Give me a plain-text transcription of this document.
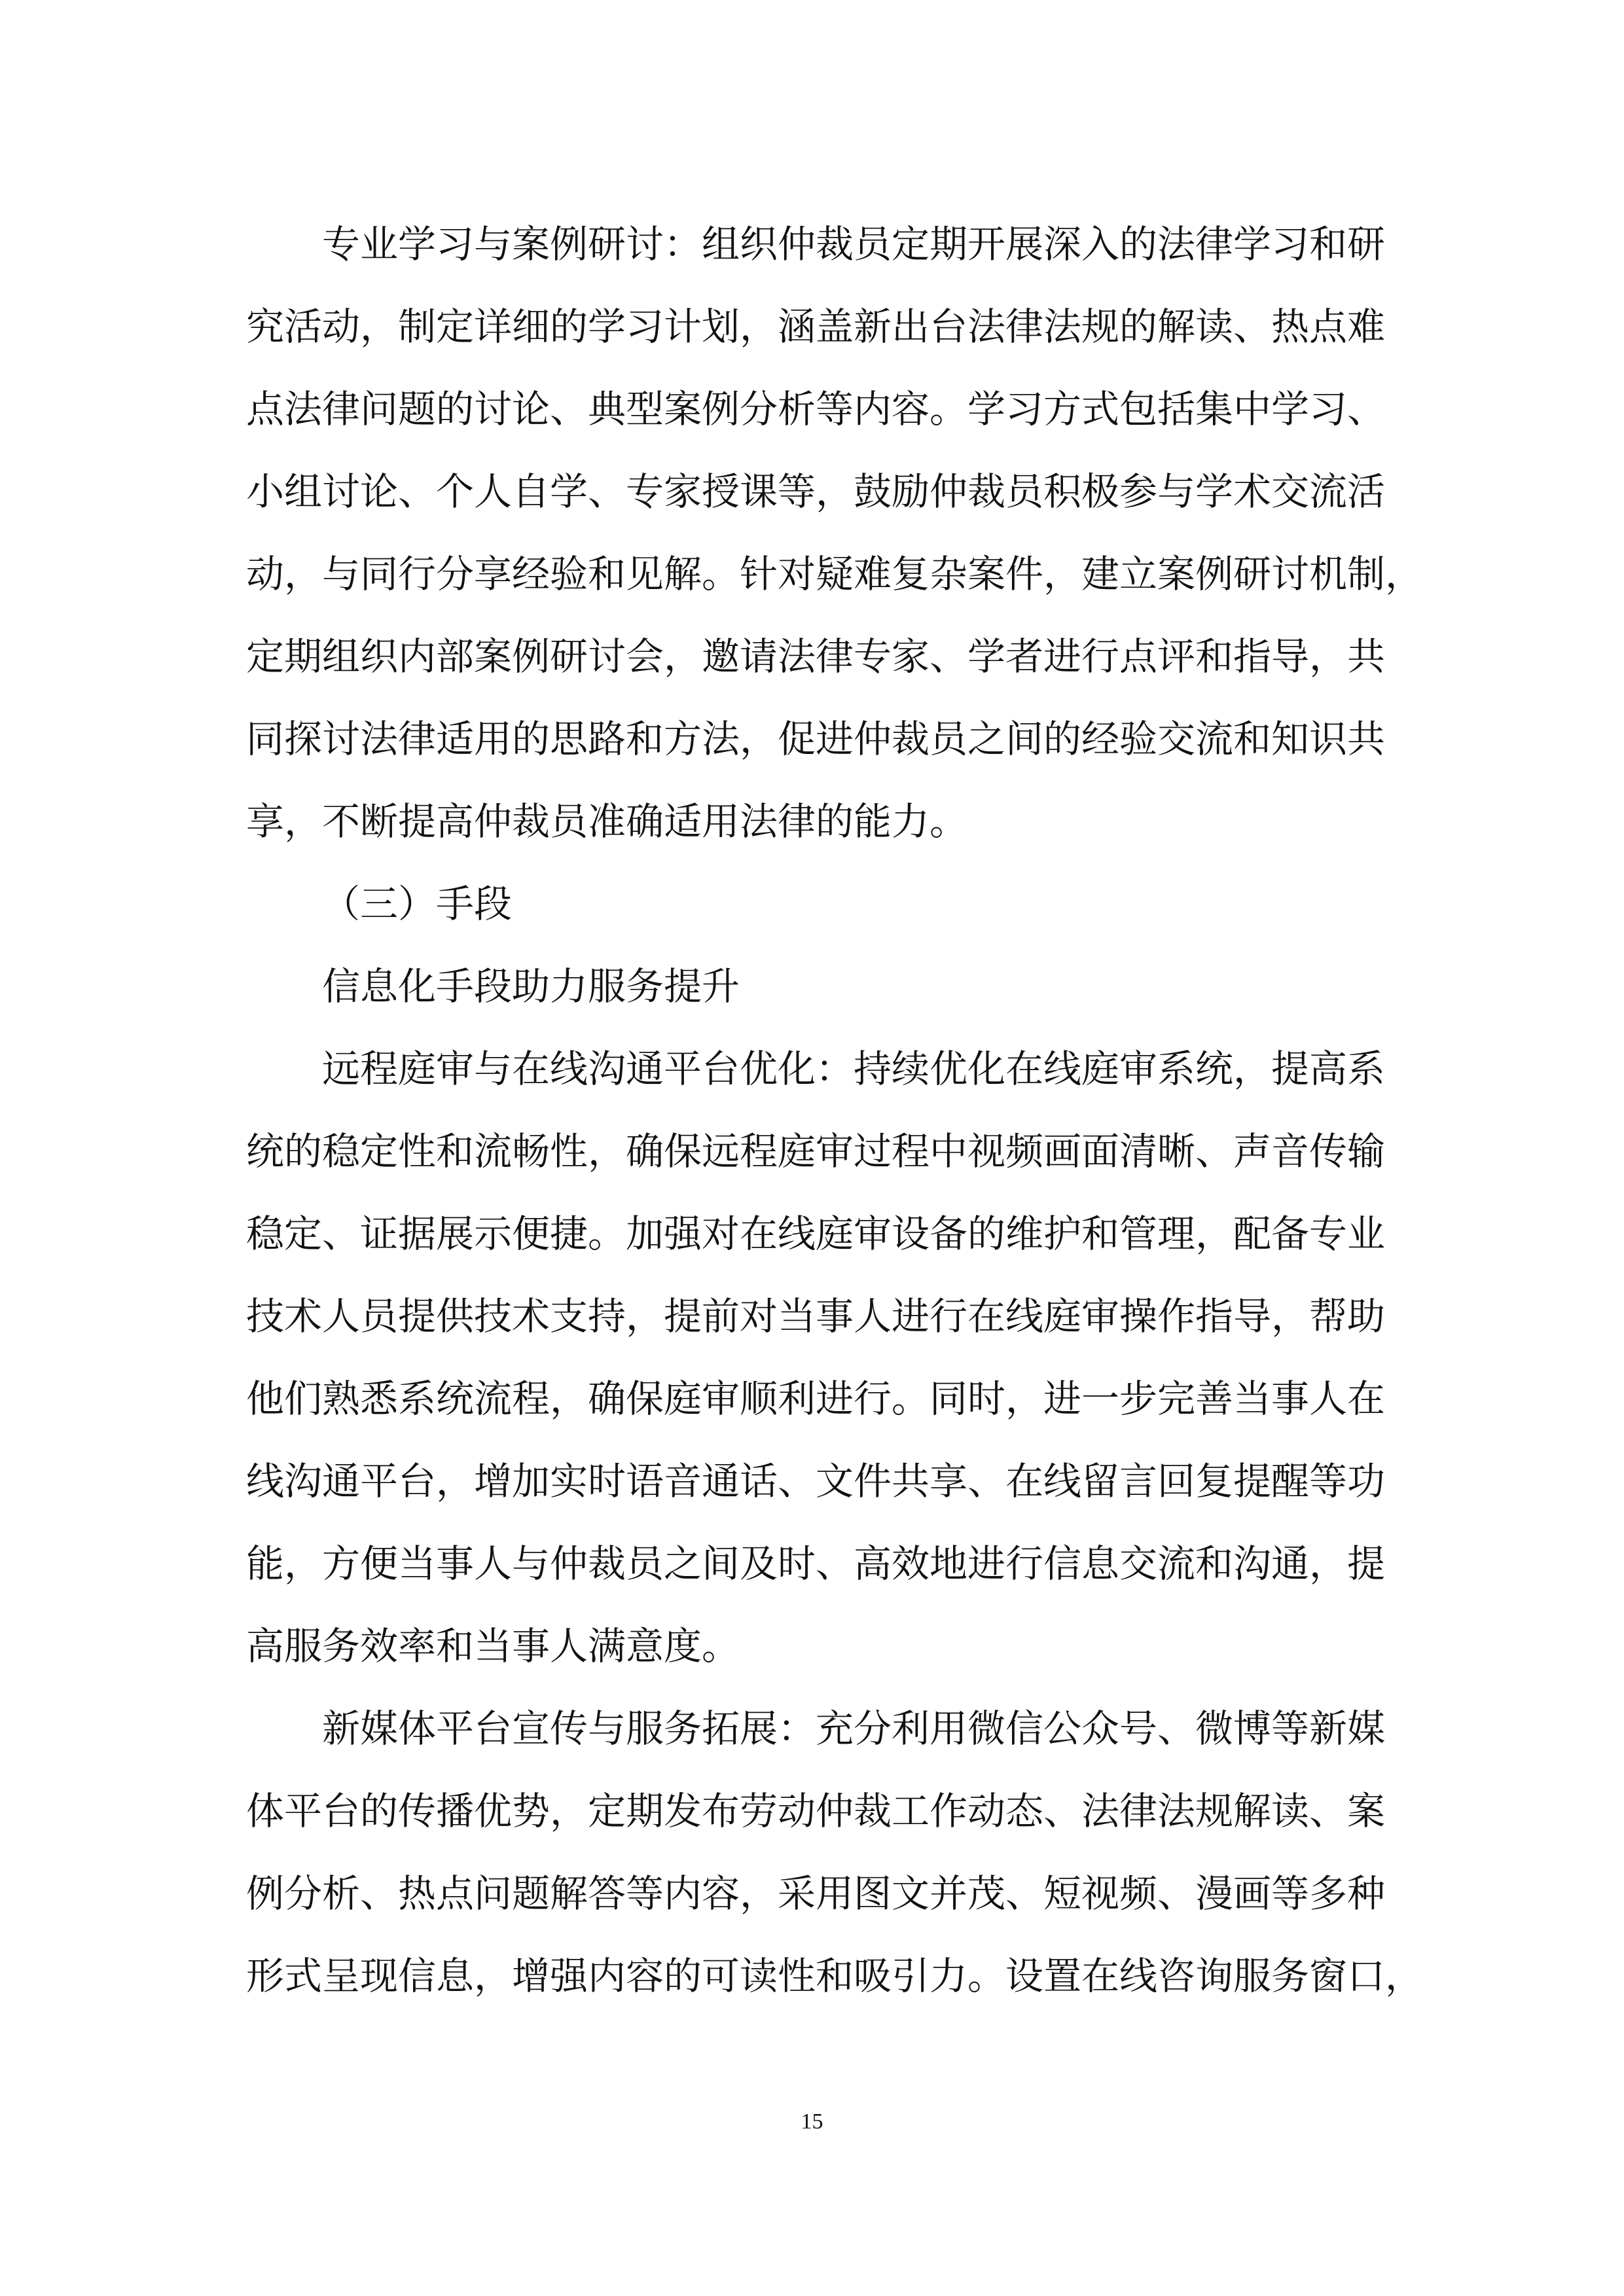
专业学习与案例研讨：组织仲裁员定期开展深入的法律学习和研
究活动，制定详细的学习计划，涵盖新出台法律法规的解读、热点难
点法律问题的讨论、典型案例分析等内容。学习方式包括集中学习、
小组讨论、个人自学、专家授课等，鼓励仲裁员积极参与学术交流活
动，与同行分享经验和见解。针对疑难复杂案件，建立案例研讨机制，
定期组织内部案例研讨会，邀请法律专家、学者进行点评和指导，共
同探讨法律适用的思路和方法，促进仲裁员之间的经验交流和知识共
享，不断提高仲裁员准确适用法律的能力。
（三）手段
信息化手段助力服务提升
远程庭审与在线沟通平台优化：持续优化在线庭审系统，提高系
统的稳定性和流畅性，确保远程庭审过程中视频画面清晰、声音传输
稳定、证据展示便捷。加强对在线庭审设备的维护和管理，配备专业
技术人员提供技术支持，提前对当事人进行在线庭审操作指导，帮助
他们熟悉系统流程，确保庭审顺利进行。同时，进一步完善当事人在
线沟通平台，增加实时语音通话、文件共享、在线留言回复提醒等功
能，方便当事人与仲裁员之间及时、高效地进行信息交流和沟通，提
高服务效率和当事人满意度。
新媒体平台宣传与服务拓展：充分利用微信公众号、微博等新媒
体平台的传播优势，定期发布劳动仲裁工作动态、法律法规解读、案
例分析、热点问题解答等内容，采用图文并茂、短视频、漫画等多种
形式呈现信息，增强内容的可读性和吸引力。设置在线咨询服务窗口，
15
